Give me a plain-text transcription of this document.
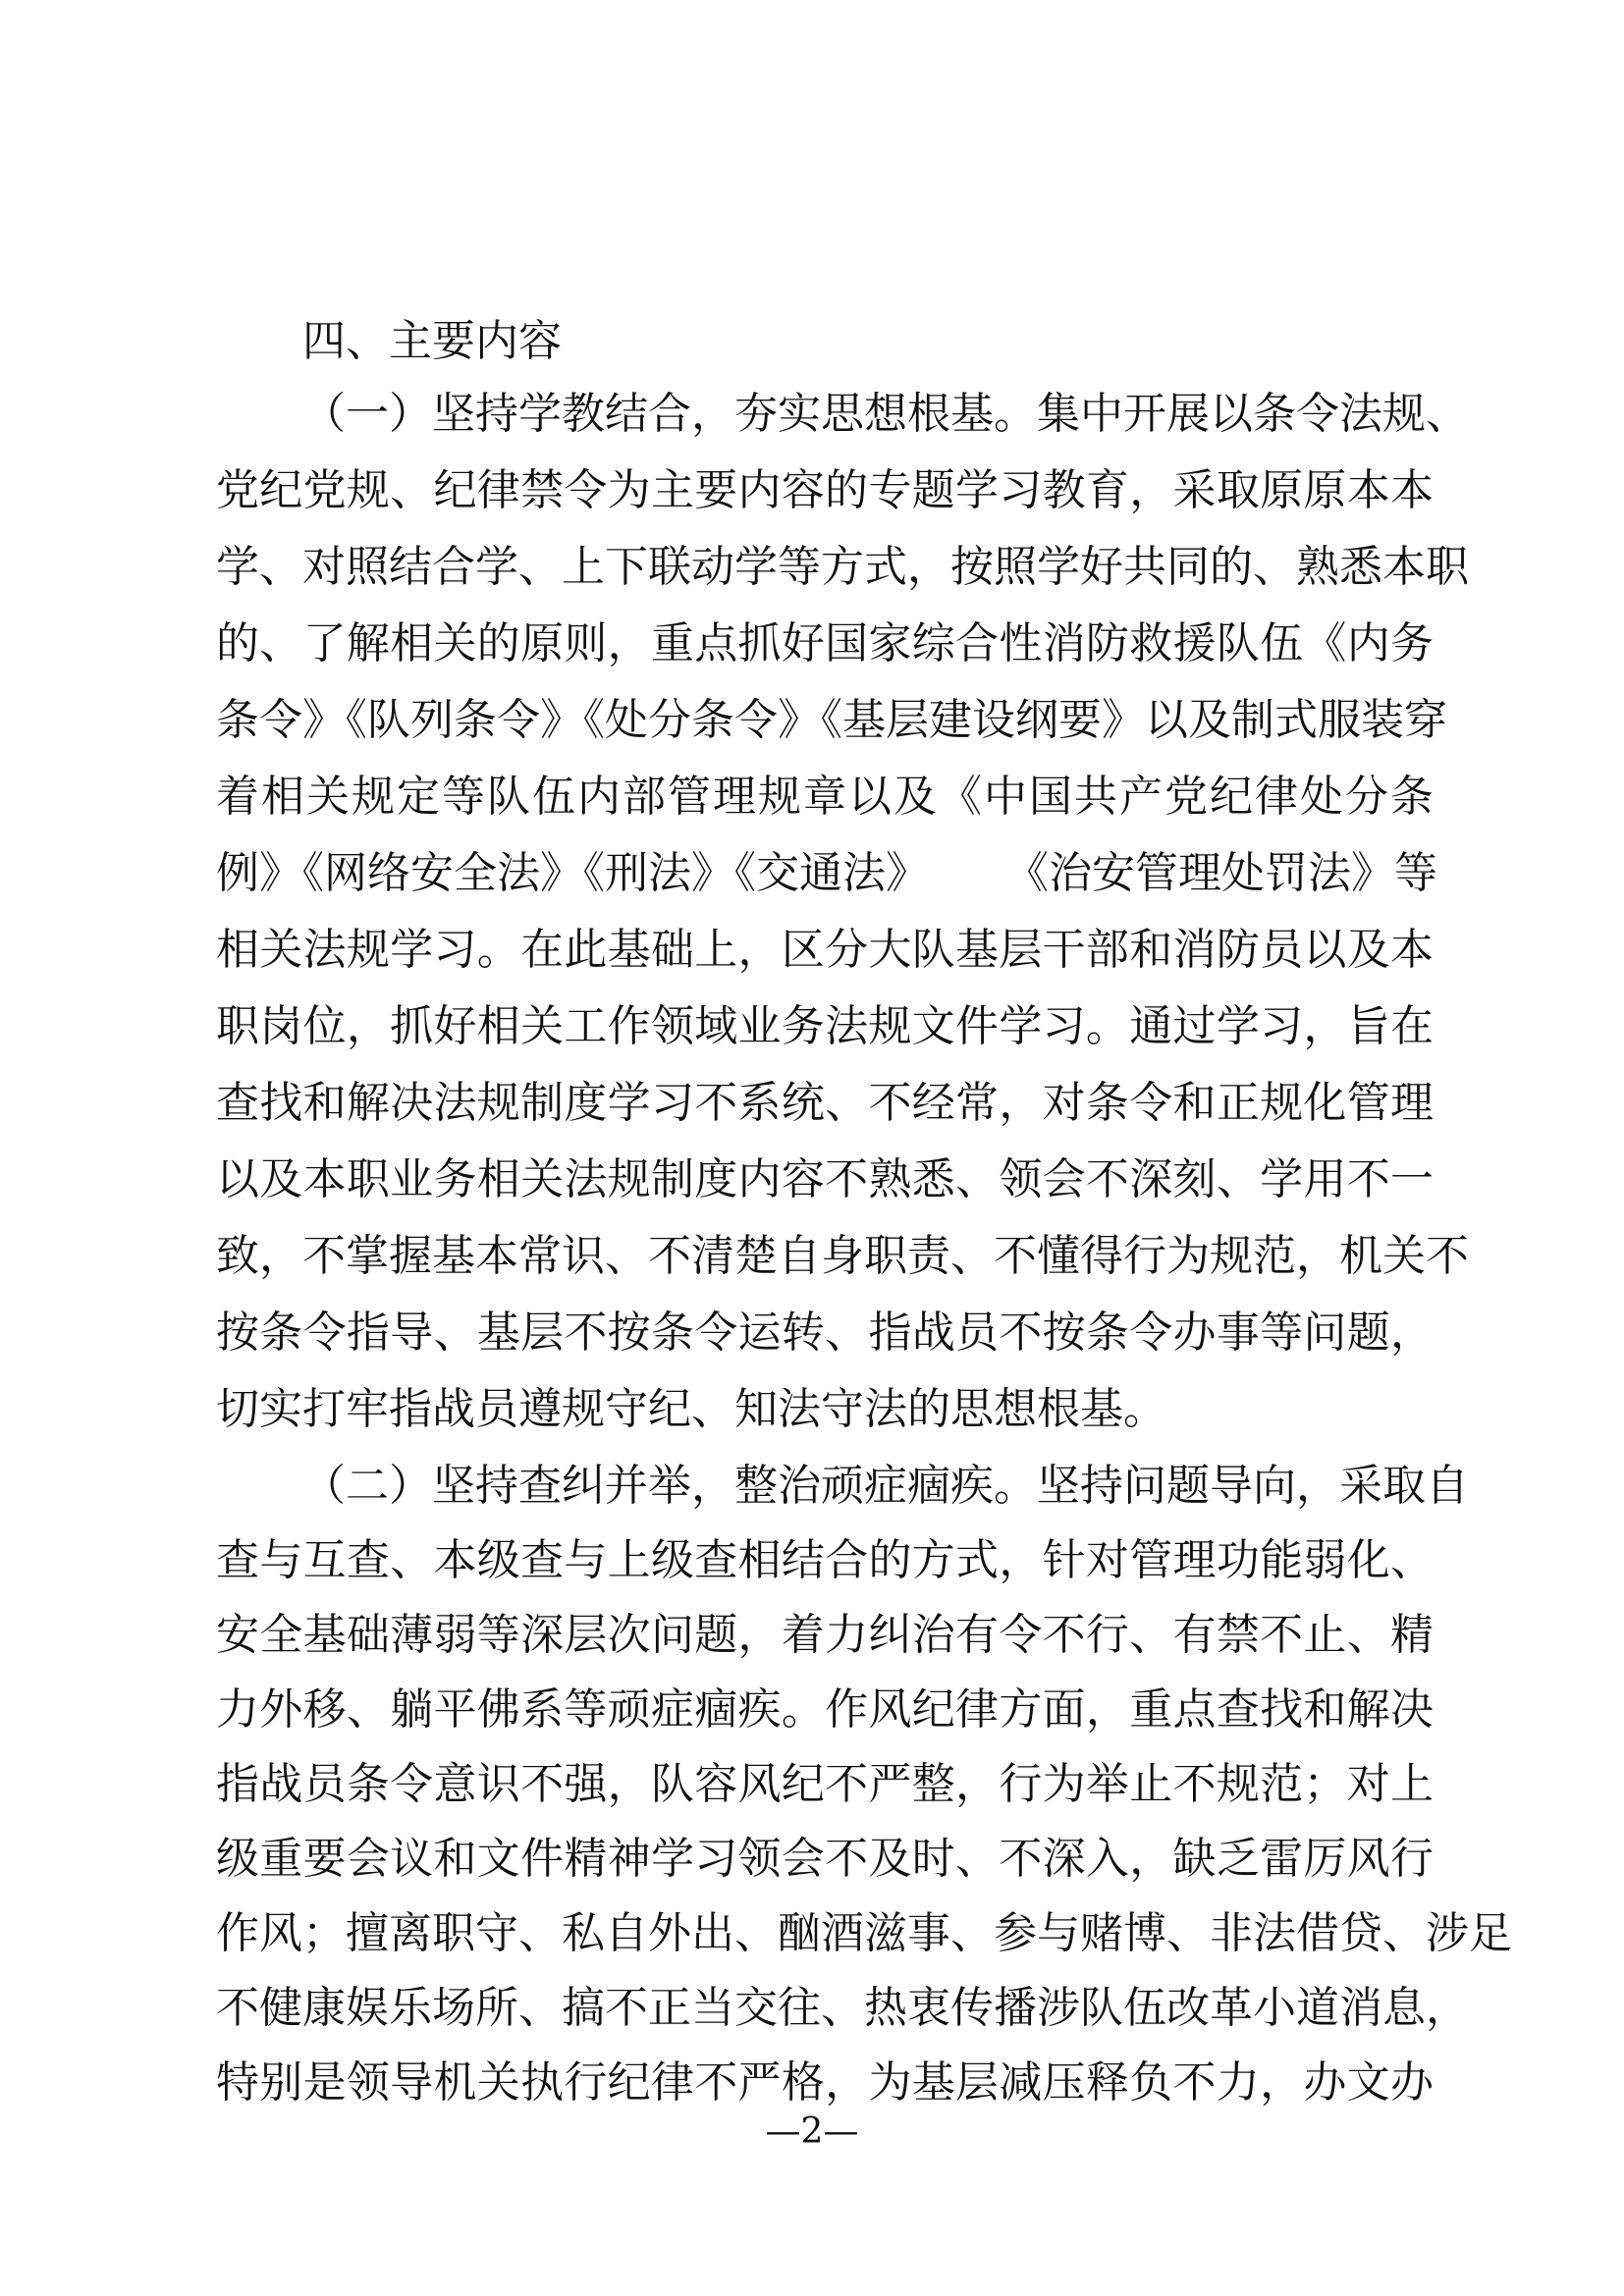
四、主要内容
（一）坚持学教结合，夯实思想根基。集中开展以条令法规、
党纪党规、纪律禁令为主要内容的专题学习教育，采取原原本本
学、对照结合学、上下联动学等方式，按照学好共同的、熟悉本职
的、了解相关的原则，重点抓好国家综合性消防救援队伍《内务
条令》《队列条令》《处分条令》《基层建设纲要》以及制式服装穿
着相关规定等队伍内部管理规章以及《中国共产党纪律处分条
例》《网络安全法》《刑法》《交通法》 《治安管理处罚法》等
相关法规学习。在此基础上，区分大队基层干部和消防员以及本
职岗位，抓好相关工作领域业务法规文件学习。通过学习，旨在
查找和解决法规制度学习不系统、不经常，对条令和正规化管理
以及本职业务相关法规制度内容不熟悉、领会不深刻、学用不一
致，不掌握基本常识、不清楚自身职责、不懂得行为规范，机关不
按条令指导、基层不按条令运转、指战员不按条令办事等问题，
切实打牢指战员遵规守纪、知法守法的思想根基。
（二）坚持查纠并举，整治顽症痼疾。坚持问题导向，采取自
查与互查、本级查与上级查相结合的方式，针对管理功能弱化、
安全基础薄弱等深层次问题，着力纠治有令不行、有禁不止、精
力外移、躺平佛系等顽症痼疾。作风纪律方面，重点查找和解决
指战员条令意识不强，队容风纪不严整，行为举止不规范；对上
级重要会议和文件精神学习领会不及时、不深入，缺乏雷厉风行
作风；擅离职守、私自外出、酗酒滋事、参与赌博、非法借贷、涉足
不健康娱乐场所、搞不正当交往、热衷传播涉队伍改革小道消息，
特别是领导机关执行纪律不严格，为基层减压释负不力，办文办
—2—
